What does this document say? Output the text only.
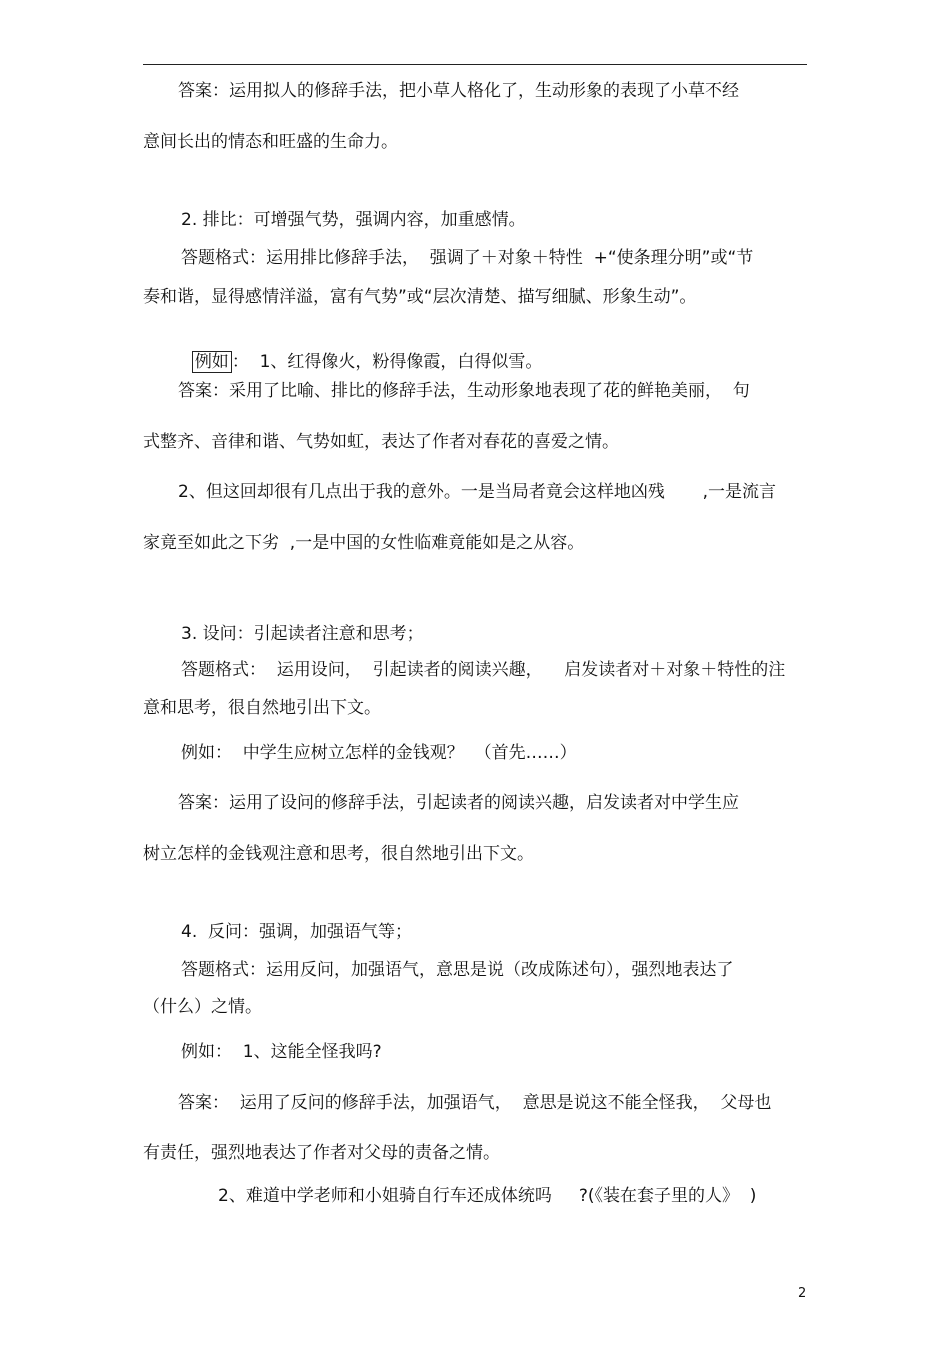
答案：运用拟人的修辞手法，把小草人格化了，生动形象的表现了小草不经
意间长出的情态和旺盛的生命力。
2. 排比：可增强气势，强调内容，加重感情。
答题格式：运用排比修辞手法，  强调了＋对象＋特性  +“使条理分明”或“节
奏和谐，显得感情洋溢，富有气势”或“层次清楚、描写细腻、形象生动”。

例如 ：  1、红得像火，粉得像霞，白得似雪。

答案：采用了比喻、排比的修辞手法，生动形象地表现了花的鲜艳美丽，  句
式整齐、音律和谐、气势如虹，表达了作者对春花的喜爱之情。
2、但这回却很有几点出于我的意外。一是当局者竟会这样地凶残       ,一是流言
家竟至如此之下劣  ,一是中国的女性临难竟能如是之从容。
3. 设问：引起读者注意和思考；
答题格式：  运用设问，  引起读者的阅读兴趣，    启发读者对＋对象＋特性的注
意和思考，很自然地引出下文。
例如：  中学生应树立怎样的金钱观？  （首先……）
答案：运用了设问的修辞手法，引起读者的阅读兴趣，启发读者对中学生应
树立怎样的金钱观注意和思考，很自然地引出下文。
4.  反问：强调，加强语气等；
答题格式：运用反问，加强语气，意思是说（改成陈述句），强烈地表达了
（什么）之情。
例如：  1、这能全怪我吗?
答案：  运用了反问的修辞手法，加强语气，  意思是说这不能全怪我，  父母也
有责任，强烈地表达了作者对父母的责备之情。
2、难道中学老师和小姐骑自行车还成体统吗     ?(《装在套子里的人》  )
2
